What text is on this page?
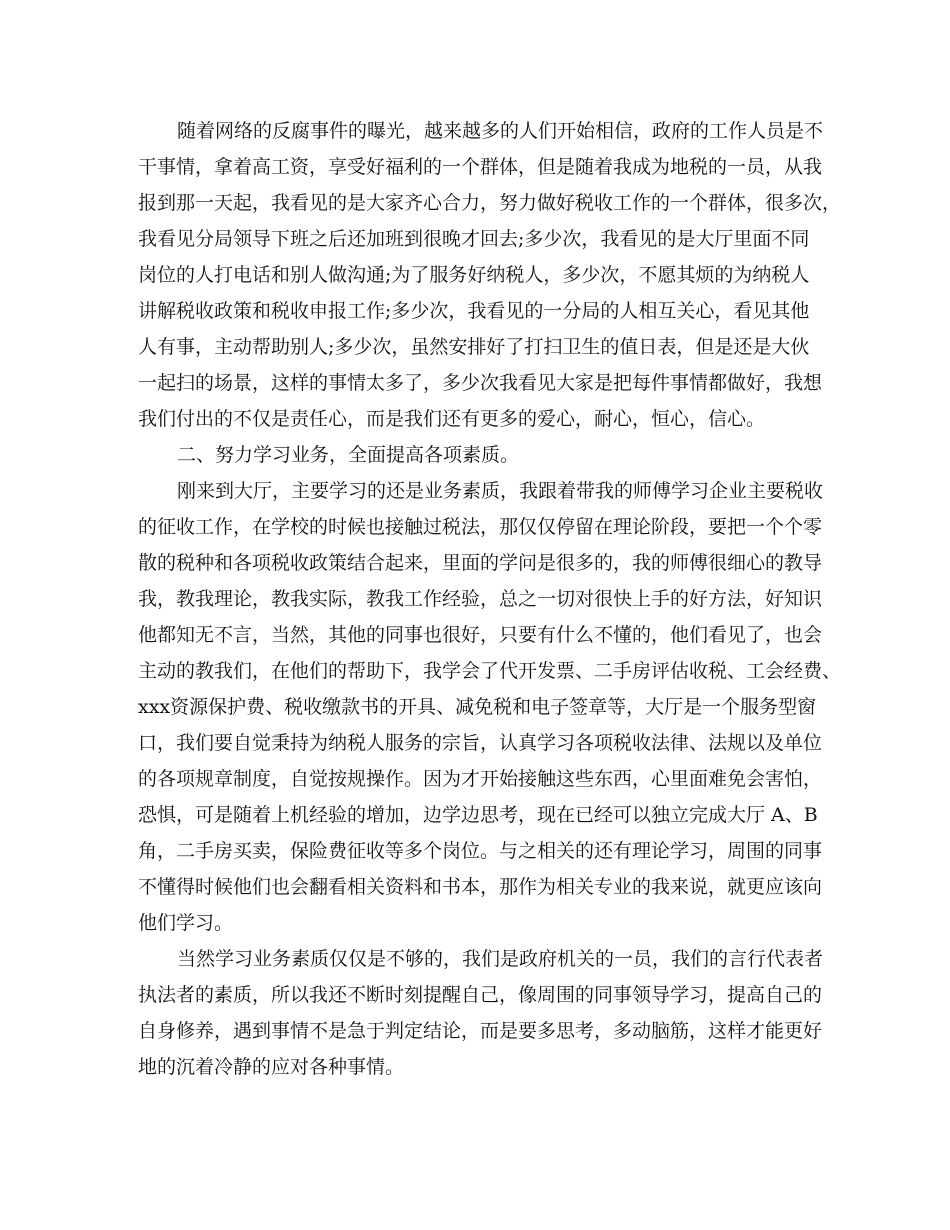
随着网络的反腐事件的曝光，越来越多的人们开始相信，政府的工作人员是不
干事情，拿着高工资，享受好福利的一个群体，但是随着我成为地税的一员，从我
报到那一天起，我看见的是大家齐心合力，努力做好税收工作的一个群体，很多次，
我看见分局领导下班之后还加班到很晚才回去;多少次，我看见的是大厅里面不同
岗位的人打电话和别人做沟通;为了服务好纳税人，多少次，不愿其烦的为纳税人
讲解税收政策和税收申报工作;多少次，我看见的一分局的人相互关心，看见其他
人有事，主动帮助别人;多少次，虽然安排好了打扫卫生的值日表，但是还是大伙
一起扫的场景，这样的事情太多了，多少次我看见大家是把每件事情都做好，我想
我们付出的不仅是责任心，而是我们还有更多的爱心，耐心，恒心，信心。
二、努力学习业务，全面提高各项素质。
刚来到大厅，主要学习的还是业务素质，我跟着带我的师傅学习企业主要税收
的征收工作，在学校的时候也接触过税法，那仅仅停留在理论阶段，要把一个个零
散的税种和各项税收政策结合起来，里面的学问是很多的，我的师傅很细心的教导
我，教我理论，教我实际，教我工作经验，总之一切对很快上手的好方法，好知识
他都知无不言，当然，其他的同事也很好，只要有什么不懂的，他们看见了，也会
主动的教我们，在他们的帮助下，我学会了代开发票、二手房评估收税、工会经费、
xxx资源保护费、税收缴款书的开具、减免税和电子签章等，大厅是一个服务型窗
口，我们要自觉秉持为纳税人服务的宗旨，认真学习各项税收法律、法规以及单位
的各项规章制度，自觉按规操作。因为才开始接触这些东西，心里面难免会害怕，
恐惧，可是随着上机经验的增加，边学边思考，现在已经可以独立完成大厅 A、B
角，二手房买卖，保险费征收等多个岗位。与之相关的还有理论学习，周围的同事
不懂得时候他们也会翻看相关资料和书本，那作为相关专业的我来说，就更应该向
他们学习。
当然学习业务素质仅仅是不够的，我们是政府机关的一员，我们的言行代表者
执法者的素质，所以我还不断时刻提醒自己，像周围的同事领导学习，提高自己的
自身修养，遇到事情不是急于判定结论，而是要多思考，多动脑筋，这样才能更好
地的沉着冷静的应对各种事情。
